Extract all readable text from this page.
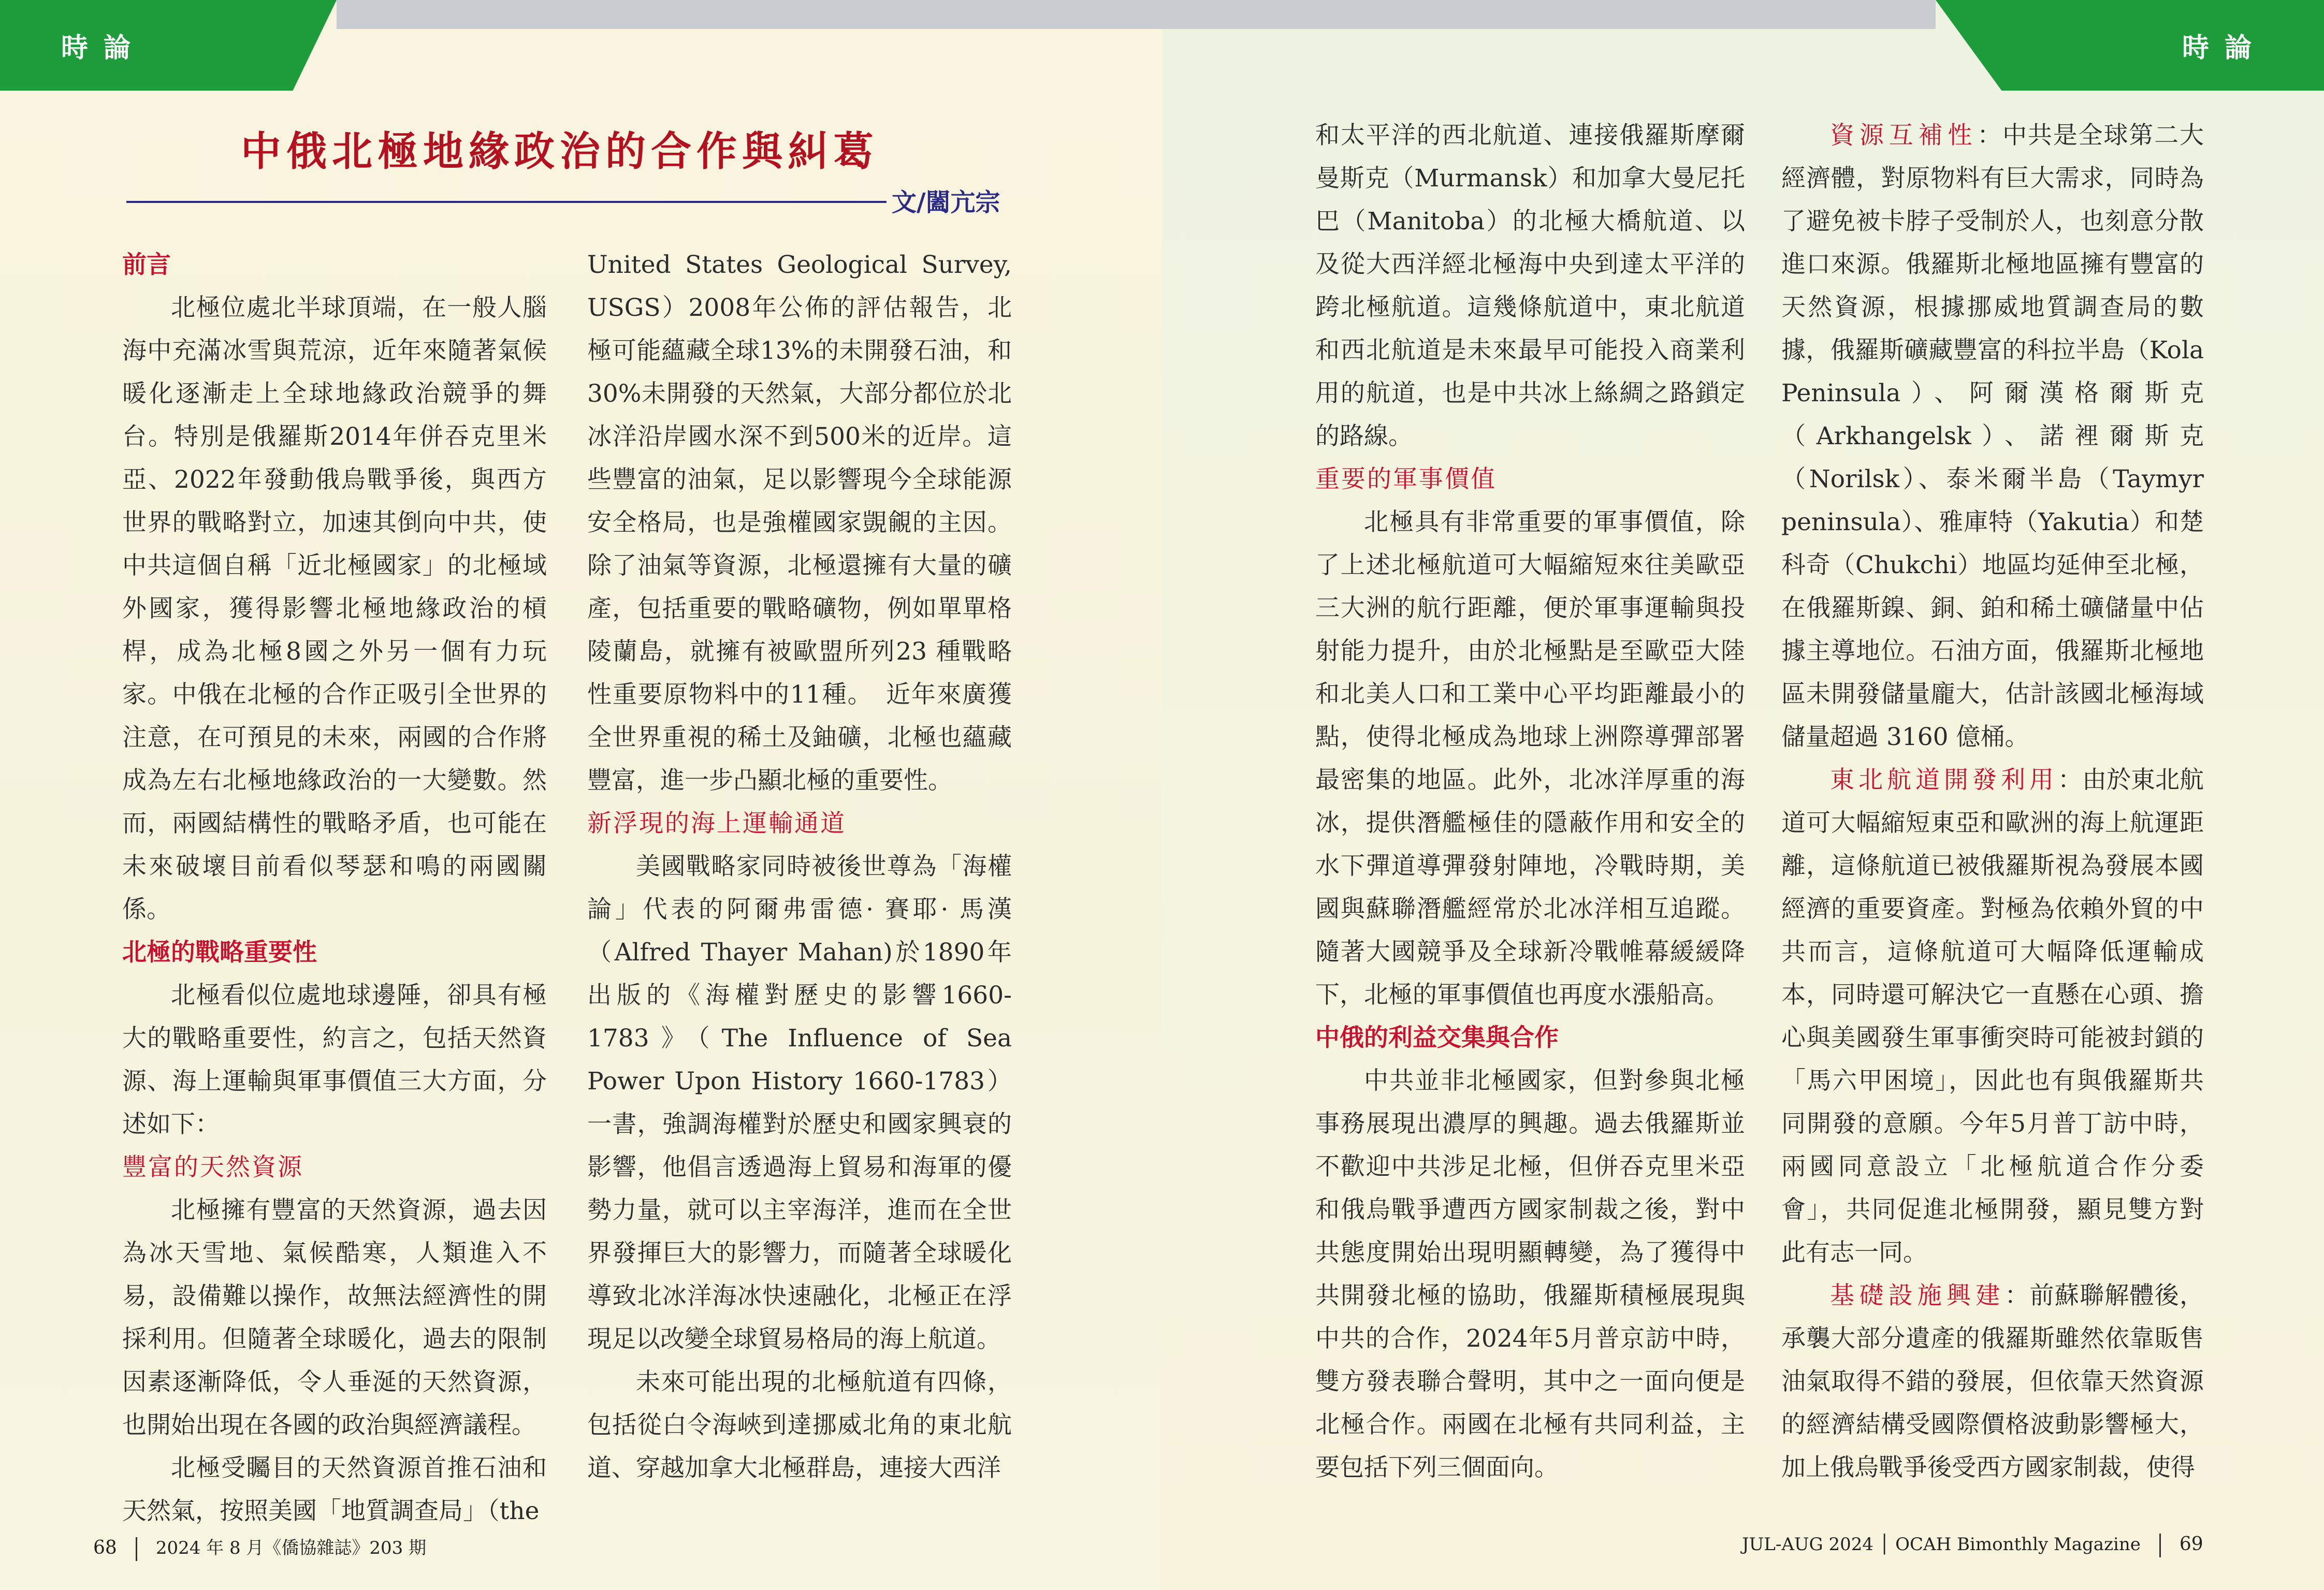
時論
中俄北極地緣政治的合作與糾葛
文/闔亢宗

前言

北極位處北半球頂端，在一般人腦海中充滿冰雪與荒涼，近年來隨著氣候暖化逐漸走上全球地緣政治競爭的舞台。特別是俄羅斯2014年併吞克里米亞、2022年發動俄烏戰爭後，與西方世界的戰略對立，加速其倒向中共，使中共這個自稱「近北極國家」的北極域外國家，獲得影響北極地緣政治的槓桿，成為北極8國之外另一個有力玩家。中俄在北極的合作正吸引全世界的注意，在可預見的未來，兩國的合作將成為左右北極地緣政治的一大變數。然而，兩國結構性的戰略矛盾，也可能在未來破壞目前看似琴瑟和鳴的兩國關係。

北極的戰略重要性

北極看似位處地球邊陲，卻具有極大的戰略重要性，約言之，包括天然資源、海上運輸與軍事價值三大方面，分述如下：

豐富的天然資源

北極擁有豐富的天然資源，過去因為冰天雪地、氣候酷寒，人類進入不易，設備難以操作，故無法經濟性的開採利用。但隨著全球暖化，過去的限制因素逐漸降低，令人垂涎的天然資源，也開始出現在各國的政治與經濟議程。

北極受矚目的天然資源首推石油和天然氣，按照美國「地質調查局」（the

United States Geological Survey, USGS）2008年公佈的評估報告，北極可能蘊藏全球13%的未開發石油，和30%未開發的天然氣，大部分都位於北冰洋沿岸國水深不到500米的近岸。這些豐富的油氣，足以影響現今全球能源安全格局，也是強權國家覬覦的主因。除了油氣等資源，北極還擁有大量的礦產，包括重要的戰略礦物，例如單單格陵蘭島，就擁有被歐盟所列23 種戰略性重要原物料中的11種。　近年來廣獲全世界重視的稀土及鈾礦，北極也蘊藏豐富，進一步凸顯北極的重要性。

新浮現的海上運輸通道

美國戰略家同時被後世尊為「海權論」代表的阿爾弗雷德· 賽耶· 馬漢（Alfred Thayer Mahan)於1890年出版的《海權對歷史的影響1660-1783》（The Influence of Sea Power Upon History 1660-1783）一書，強調海權對於歷史和國家興衰的影響，他倡言透過海上貿易和海軍的優勢力量，就可以主宰海洋，進而在全世界發揮巨大的影響力，而隨著全球暖化導致北冰洋海冰快速融化，北極正在浮現足以改變全球貿易格局的海上航道。

未來可能出現的北極航道有四條，包括從白令海峽到達挪威北角的東北航道、穿越加拿大北極群島，連接大西洋

68 2024 年 8 月《僑協雜誌》203 期
時論

和太平洋的西北航道、連接俄羅斯摩爾曼斯克（Murmansk）和加拿大曼尼托巴（Manitoba）的北極大橋航道、以及從大西洋經北極海中央到達太平洋的跨北極航道。這幾條航道中，東北航道和西北航道是未來最早可能投入商業利用的航道，也是中共冰上絲綢之路鎖定的路線。

重要的軍事價值

北極具有非常重要的軍事價值，除了上述北極航道可大幅縮短來往美歐亞三大洲的航行距離，便於軍事運輸與投射能力提升，由於北極點是至歐亞大陸和北美人口和工業中心平均距離最小的點，使得北極成為地球上洲際導彈部署最密集的地區。此外，北冰洋厚重的海冰，提供潛艦極佳的隱蔽作用和安全的水下彈道導彈發射陣地，冷戰時期，美國與蘇聯潛艦經常於北冰洋相互追蹤。隨著大國競爭及全球新冷戰帷幕緩緩降下，北極的軍事價值也再度水漲船高。

中俄的利益交集與合作

中共並非北極國家，但對參與北極事務展現出濃厚的興趣。過去俄羅斯並不歡迎中共涉足北極，但併吞克里米亞和俄烏戰爭遭西方國家制裁之後，對中共態度開始出現明顯轉變，為了獲得中共開發北極的協助，俄羅斯積極展現與中共的合作，2024年5月普京訪中時，雙方發表聯合聲明，其中之一面向便是北極合作。兩國在北極有共同利益，主要包括下列三個面向。

資源互補性：中共是全球第二大經濟體，對原物料有巨大需求，同時為了避免被卡脖子受制於人，也刻意分散進口來源。俄羅斯北極地區擁有豐富的天然資源，根據挪威地質調查局的數據，俄羅斯礦藏豐富的科拉半島（Kola Peninsula）、阿爾漢格爾斯克（Arkhangelsk）、諾裡爾斯克（Norilsk）、泰米爾半島（Taymyr peninsula）、雅庫特（Yakutia）和楚科奇（Chukchi）地區均延伸至北極，在俄羅斯鎳、銅、鉑和稀土礦儲量中佔據主導地位。石油方面，俄羅斯北極地區未開發儲量龐大，估計該國北極海域儲量超過 3160 億桶。

東北航道開發利用：由於東北航道可大幅縮短東亞和歐洲的海上航運距離，這條航道已被俄羅斯視為發展本國經濟的重要資產。對極為依賴外貿的中共而言，這條航道可大幅降低運輸成本，同時還可解決它一直懸在心頭、擔心與美國發生軍事衝突時可能被封鎖的「馬六甲困境」，因此也有與俄羅斯共同開發的意願。今年5月普丁訪中時，兩國同意設立「北極航道合作分委會」，共同促進北極開發，顯見雙方對此有志一同。

基礎設施興建：前蘇聯解體後，承襲大部分遺產的俄羅斯雖然依靠販售油氣取得不錯的發展，但依靠天然資源的經濟結構受國際價格波動影響極大，加上俄烏戰爭後受西方國家制裁，使得

JUL-AUG 2024 │ OCAH Bimonthly Magazine 69
